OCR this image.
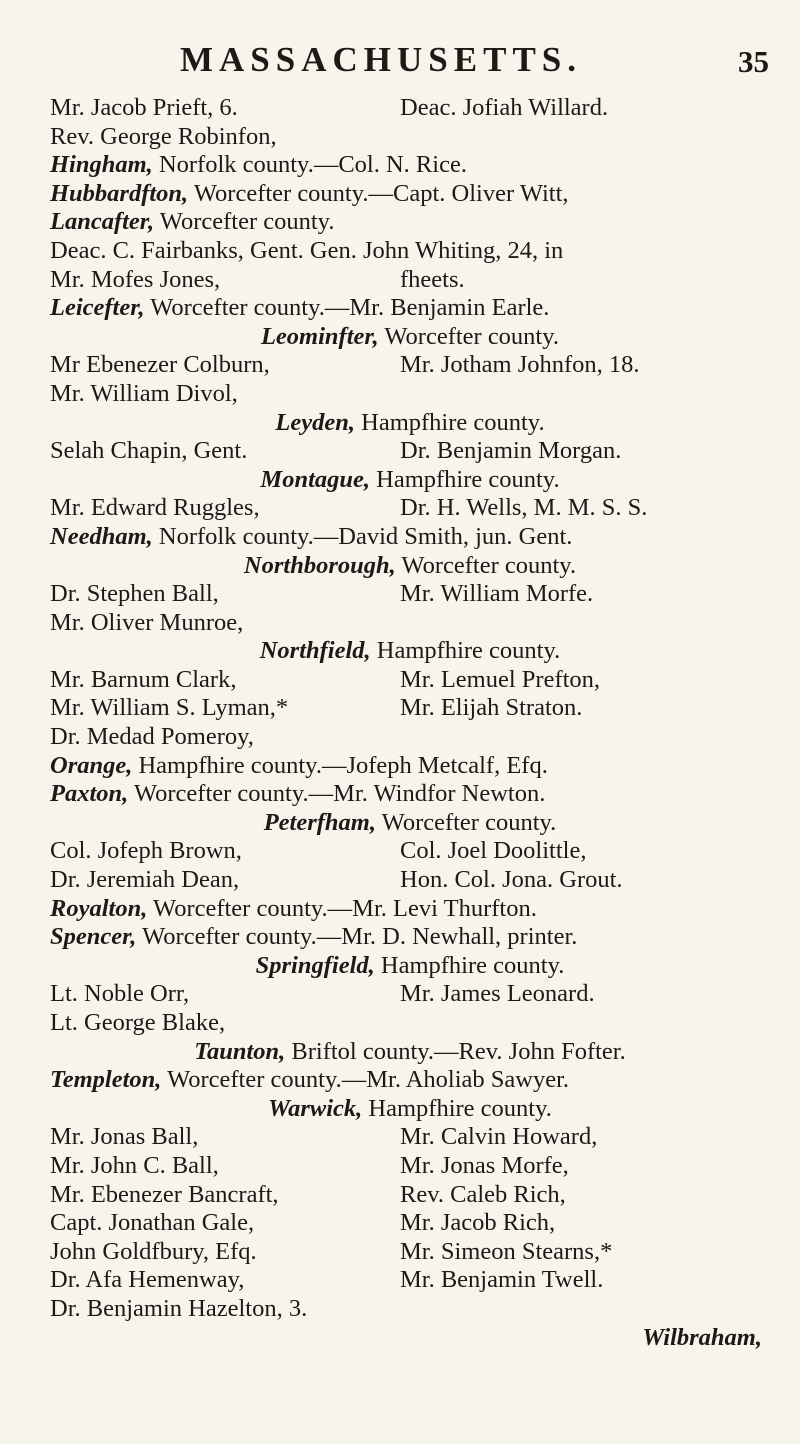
MASSACHUSETTS.	35
Mr. Jacob Prieft, 6.	Deac. Jofiah Willard.
Rev. George Robinfon,
Hingham, Norfolk county.—Col. N. Rice.
Hubbardfton, Worcefter county.—Capt. Oliver Witt,
Lancafter, Worcefter county.
Deac. C. Fairbanks, Gent. Gen. John Whiting, 24, in
Mr. Mofes Jones,	fheets.
Leicefter, Worcefter county.—Mr. Benjamin Earle.
Leominfter, Worcefter county.
Mr Ebenezer Colburn,	Mr. Jotham Johnfon, 18.
Mr. William Divol,
Leyden, Hampfhire county.
Selah Chapin, Gent.	Dr. Benjamin Morgan.
Montague, Hampfhire county.
Mr. Edward Ruggles,	Dr. H. Wells, M. M. S. S.
Needham, Norfolk county.—David Smith, jun. Gent.
Northborough, Worcefter county.
Dr. Stephen Ball,	Mr. William Morfe.
Mr. Oliver Munroe,
Northfield, Hampfhire county.
Mr. Barnum Clark,	Mr. Lemuel Prefton,
Mr. William S. Lyman,*	Mr. Elijah Straton.
Dr. Medad Pomeroy,
Orange, Hampfhire county.—Jofeph Metcalf, Efq.
Paxton, Worcefter county.—Mr. Windfor Newton.
Peterfham, Worcefter county.
Col. Jofeph Brown,	Col. Joel Doolittle,
Dr. Jeremiah Dean,	Hon. Col. Jona. Grout.
Royalton, Worcefter county.—Mr. Levi Thurfton.
Spencer, Worcefter county.—Mr. D. Newhall, printer.
Springfield, Hampfhire county.
Lt. Noble Orr,	Mr. James Leonard.
Lt. George Blake,
Taunton, Briftol county.—Rev. John Fofter.
Templeton, Worcefter county.—Mr. Aholiab Sawyer.
Warwick, Hampfhire county.
Mr. Jonas Ball,	Mr. Calvin Howard,
Mr. John C. Ball,	Mr. Jonas Morfe,
Mr. Ebenezer Bancraft,	Rev. Caleb Rich,
Capt. Jonathan Gale,	Mr. Jacob Rich,
John Goldfbury, Efq.	Mr. Simeon Stearns,*
Dr. Afa Hemenway,	Mr. Benjamin Twell.
Dr. Benjamin Hazelton, 3.
Wilbraham,
